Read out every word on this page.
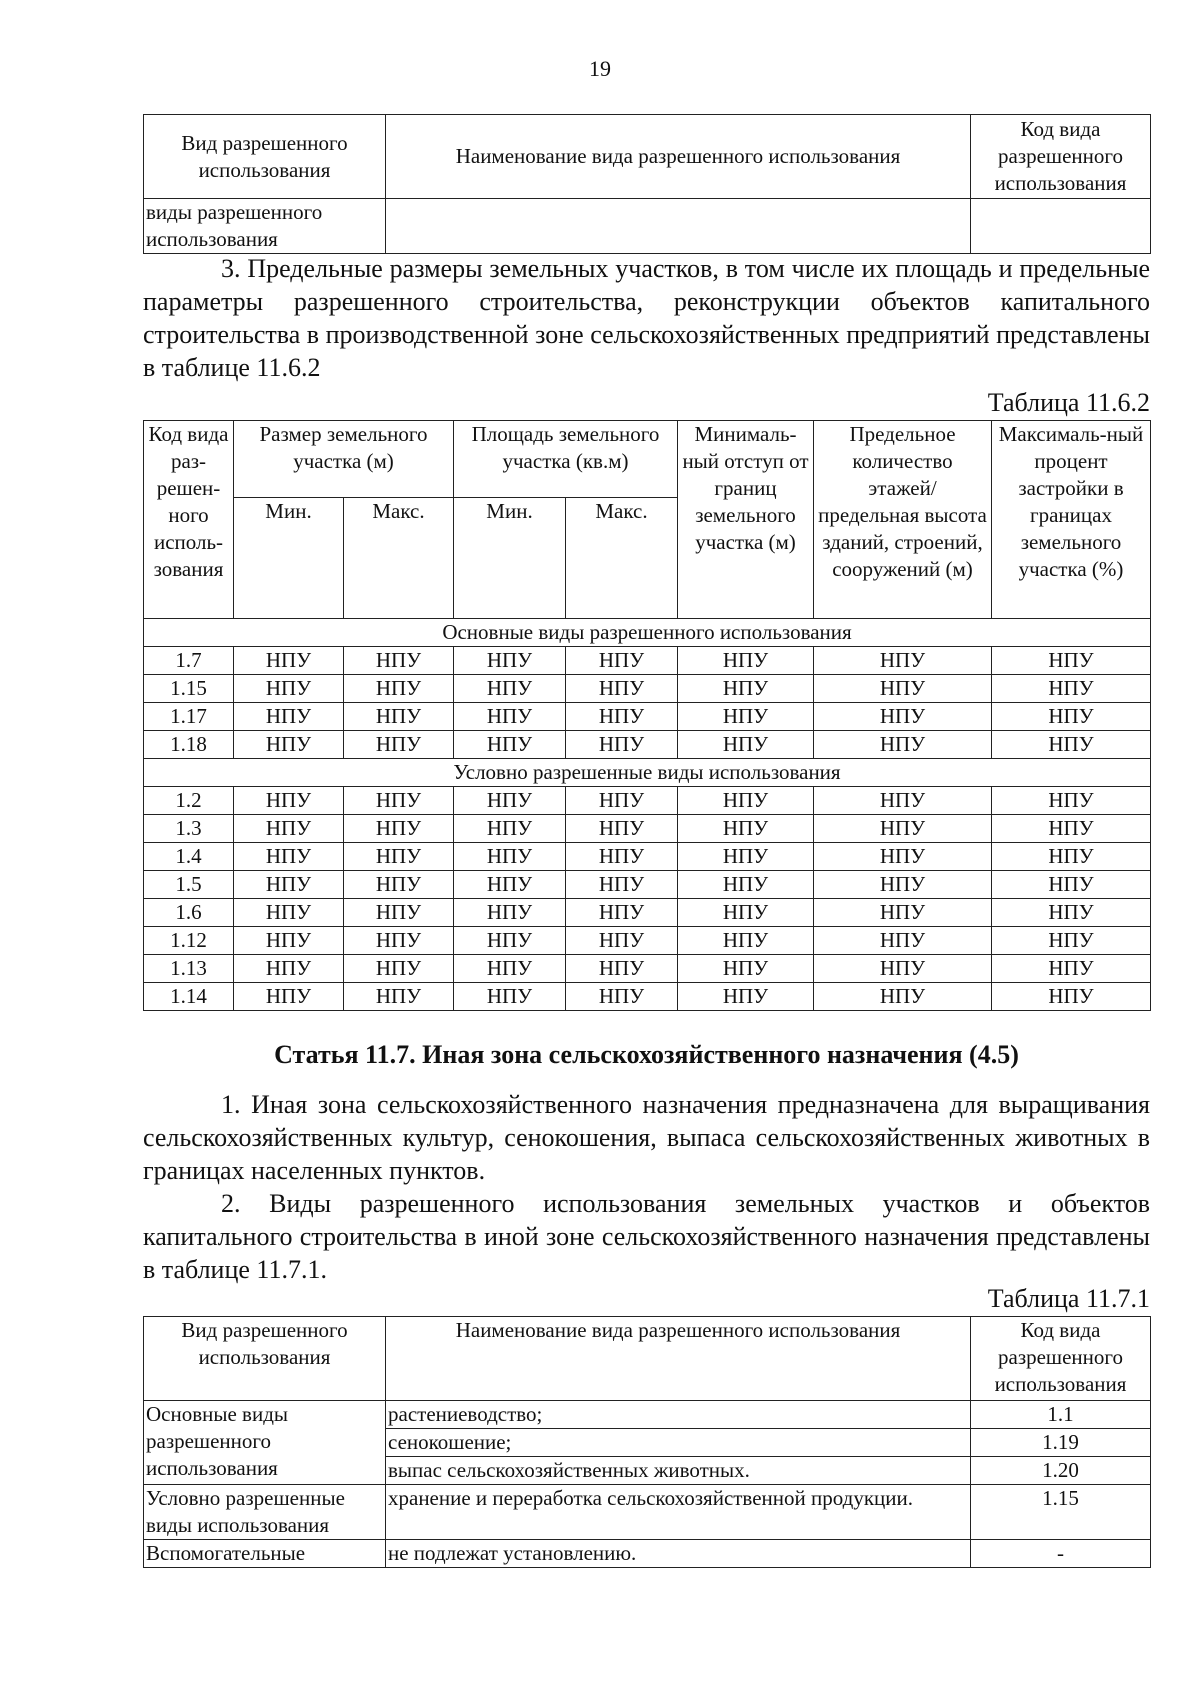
19
Вид разрешенного использования	Наименование вида разрешенного использования	Код вида разрешенного использования
виды разрешенного использования		
3. Предельные размеры земельных участков, в том числе их площадь и предельные параметры разрешенного строительства, реконструкции объектов капитального строительства в производственной зоне сельскохозяйственных предприятий представлены в таблице 11.6.2
Таблица 11.6.2
Код вида раз-решен-ного исполь-зования	Размер земельного участка (м)		Площадь земельного участка (кв.м)		Минималь-ный отступ от границ земельного участка (м)	Предельное количество этажей/ предельная высота зданий, строений, сооружений (м)	Максималь-ный процент застройки в границах земельного участка (%)
	Мин.	Макс.	Мин.	Макс.			
Основные виды разрешенного использования							
1.7	НПУ	НПУ	НПУ	НПУ	НПУ	НПУ	НПУ
1.15	НПУ	НПУ	НПУ	НПУ	НПУ	НПУ	НПУ
1.17	НПУ	НПУ	НПУ	НПУ	НПУ	НПУ	НПУ
1.18	НПУ	НПУ	НПУ	НПУ	НПУ	НПУ	НПУ
Условно разрешенные виды использования							
1.2	НПУ	НПУ	НПУ	НПУ	НПУ	НПУ	НПУ
1.3	НПУ	НПУ	НПУ	НПУ	НПУ	НПУ	НПУ
1.4	НПУ	НПУ	НПУ	НПУ	НПУ	НПУ	НПУ
1.5	НПУ	НПУ	НПУ	НПУ	НПУ	НПУ	НПУ
1.6	НПУ	НПУ	НПУ	НПУ	НПУ	НПУ	НПУ
1.12	НПУ	НПУ	НПУ	НПУ	НПУ	НПУ	НПУ
1.13	НПУ	НПУ	НПУ	НПУ	НПУ	НПУ	НПУ
1.14	НПУ	НПУ	НПУ	НПУ	НПУ	НПУ	НПУ
Статья 11.7. Иная зона сельскохозяйственного назначения (4.5)
1. Иная зона сельскохозяйственного назначения предназначена для выращивания сельскохозяйственных культур, сенокошения, выпаса сельскохозяйственных животных в границах населенных пунктов.
2. Виды разрешенного использования земельных участков и объектов капитального строительства в иной зоне сельскохозяйственного назначения представлены в таблице 11.7.1.
Таблица 11.7.1
Вид разрешенного использования	Наименование вида разрешенного использования	Код вида разрешенного использования
Основные виды разрешенного использования	растениеводство;	1.1
	сенокошение;	1.19
	выпас сельскохозяйственных животных.	1.20
Условно разрешенные виды использования	хранение и переработка сельскохозяйственной продукции.	1.15
Вспомогательные	не подлежат установлению.	-
